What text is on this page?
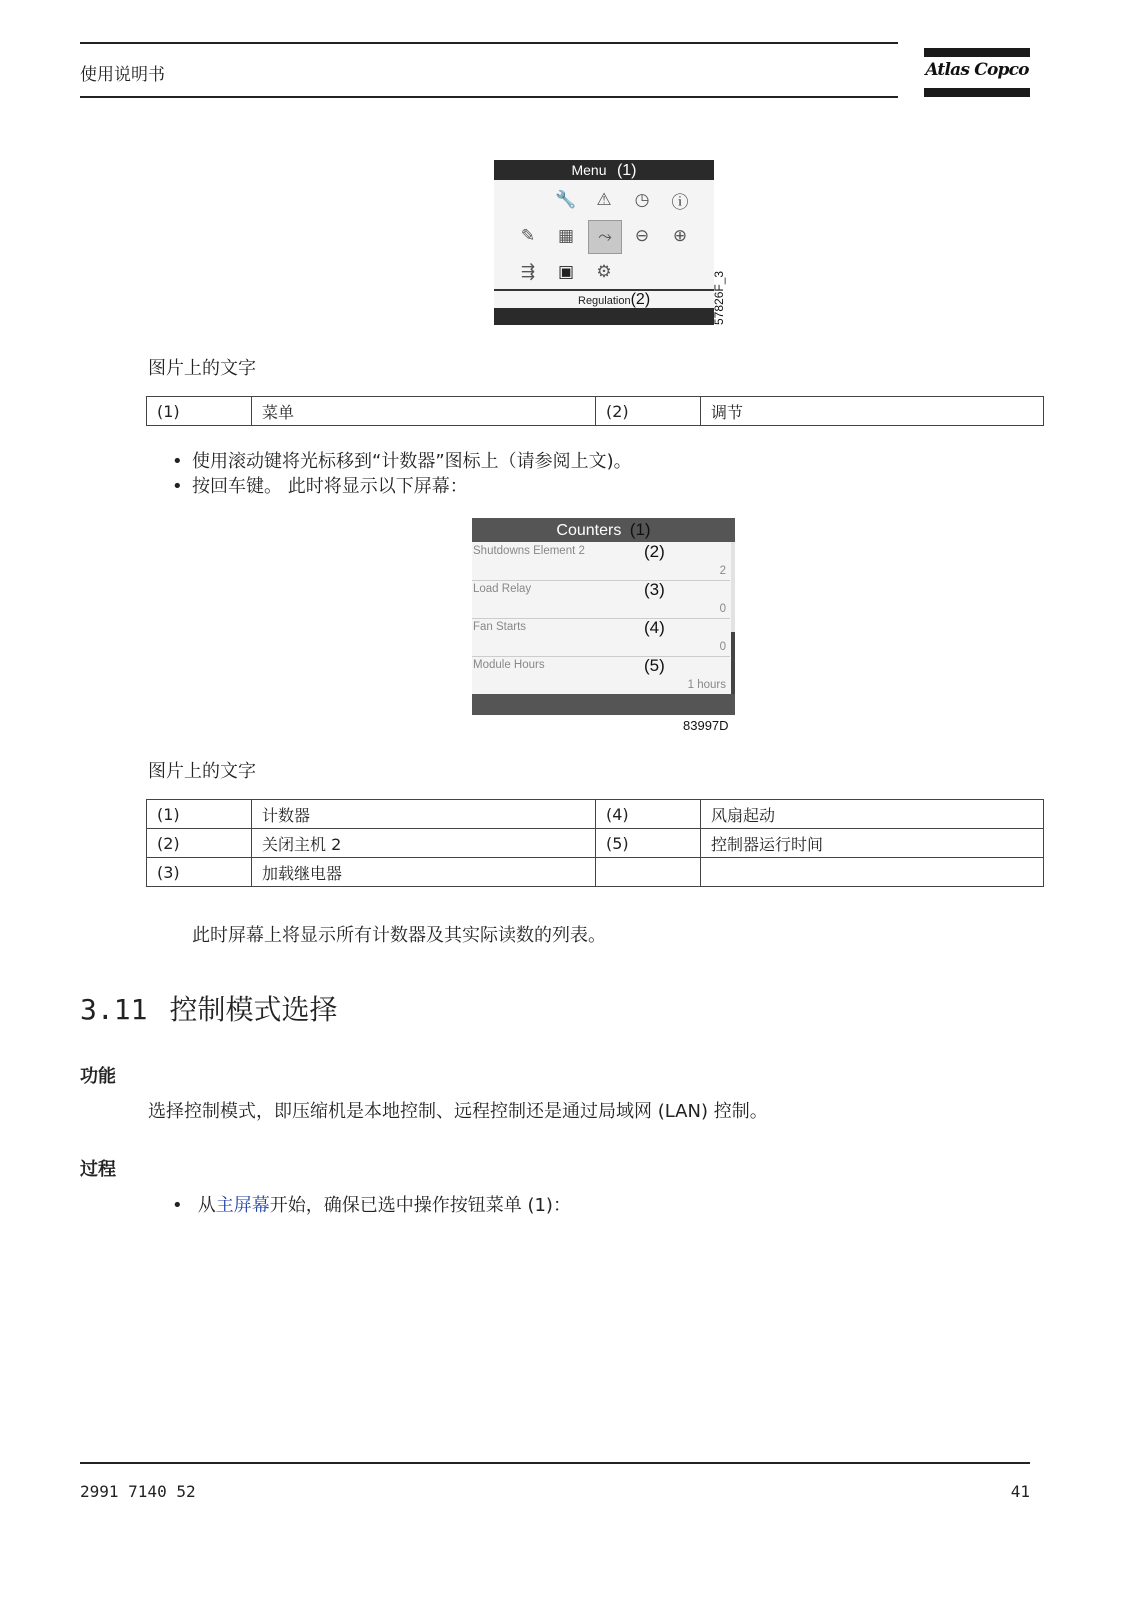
使用说明书	Atlas Copco
Menu (1)
🔧 ⚠ ◷ ⓘ
✎ ▦	⤳	⊖ ⊕
⇶ ▣ ⚙
Regulation(2)	57826F_3
图片上的文字
(1)	菜单	(2)	调节
• 使用滚动键将光标移到“计数器”图标上（请参阅上文)。
• 按回车键。 此时将显示以下屏幕：
Counters (1)
Shutdowns Element 2	(2)
2
Load Relay	(3)
0
Fan Starts	(4)
0
Module Hours	(5)
1 hours
83997D
图片上的文字
(1)	计数器	(4)	风扇起动
(2)	关闭主机 2	(5)	控制器运行时间
(3)	加载继电器		
此时屏幕上将显示所有计数器及其实际读数的列表。
3.11 控制模式选择
功能
选择控制模式，即压缩机是本地控制、远程控制还是通过局域网 (LAN) 控制。
过程
• 从主屏幕开始，确保已选中操作按钮菜单 (1)：
2991 7140 52	41
